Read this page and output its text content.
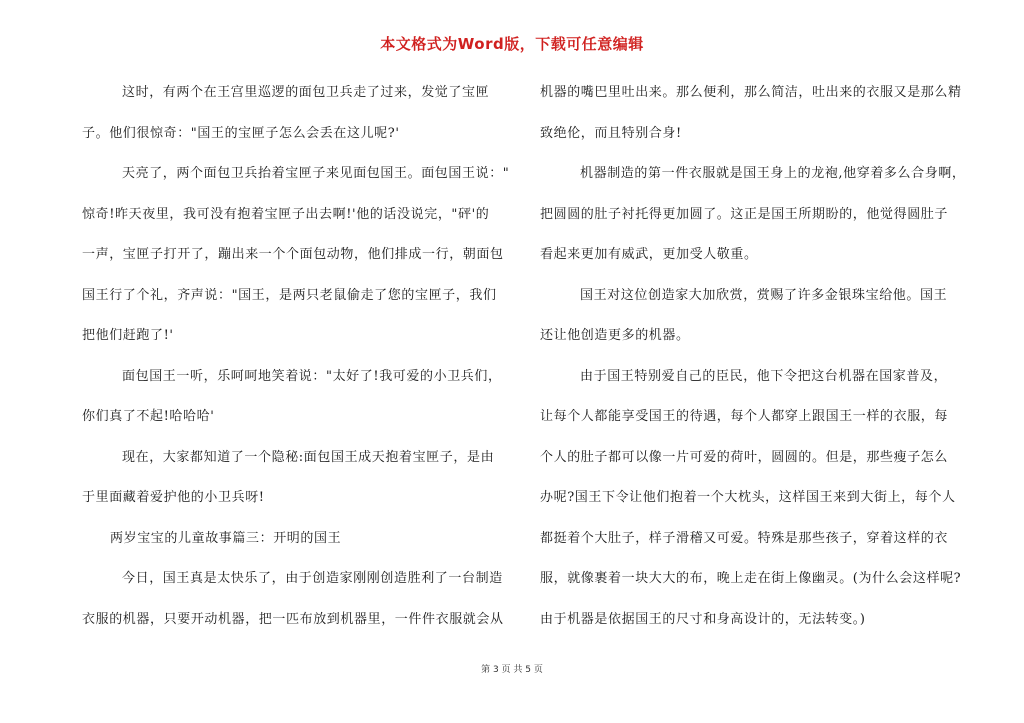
本文格式为Word版，下载可任意编辑

这时，有两个在王宫里巡逻的面包卫兵走了过来，发觉了宝匣

子。他们很惊奇："国王的宝匣子怎么会丢在这儿呢?'

天亮了，两个面包卫兵抬着宝匣子来见面包国王。面包国王说："

惊奇!昨天夜里，我可没有抱着宝匣子出去啊!'他的话没说完，"砰'的

一声，宝匣子打开了，蹦出来一个个面包动物，他们排成一行，朝面包

国王行了个礼，齐声说："国王，是两只老鼠偷走了您的宝匣子，我们

把他们赶跑了!'

面包国王一听，乐呵呵地笑着说："太好了!我可爱的小卫兵们，

你们真了不起!哈哈哈'

现在，大家都知道了一个隐秘:面包国王成天抱着宝匣子，是由

于里面藏着爱护他的小卫兵呀!

两岁宝宝的儿童故事篇三：开明的国王

今日，国王真是太快乐了，由于创造家刚刚创造胜利了一台制造

衣服的机器，只要开动机器，把一匹布放到机器里，一件件衣服就会从

机器的嘴巴里吐出来。那么便利，那么简洁，吐出来的衣服又是那么精

致绝伦，而且特别合身!

机器制造的第一件衣服就是国王身上的龙袍,他穿着多么合身啊，

把圆圆的肚子衬托得更加圆了。这正是国王所期盼的，他觉得圆肚子

看起来更加有威武，更加受人敬重。

国王对这位创造家大加欣赏，赏赐了许多金银珠宝给他。国王

还让他创造更多的机器。

由于国王特别爱自己的臣民，他下令把这台机器在国家普及，

让每个人都能享受国王的待遇，每个人都穿上跟国王一样的衣服，每

个人的肚子都可以像一片可爱的荷叶，圆圆的。但是，那些瘦子怎么

办呢?国王下令让他们抱着一个大枕头，这样国王来到大街上，每个人

都挺着个大肚子，样子滑稽又可爱。特殊是那些孩子，穿着这样的衣

服，就像裹着一块大大的布，晚上走在街上像幽灵。(为什么会这样呢?

由于机器是依据国王的尺寸和身高设计的，无法转变。)

第 3 页 共 5 页
